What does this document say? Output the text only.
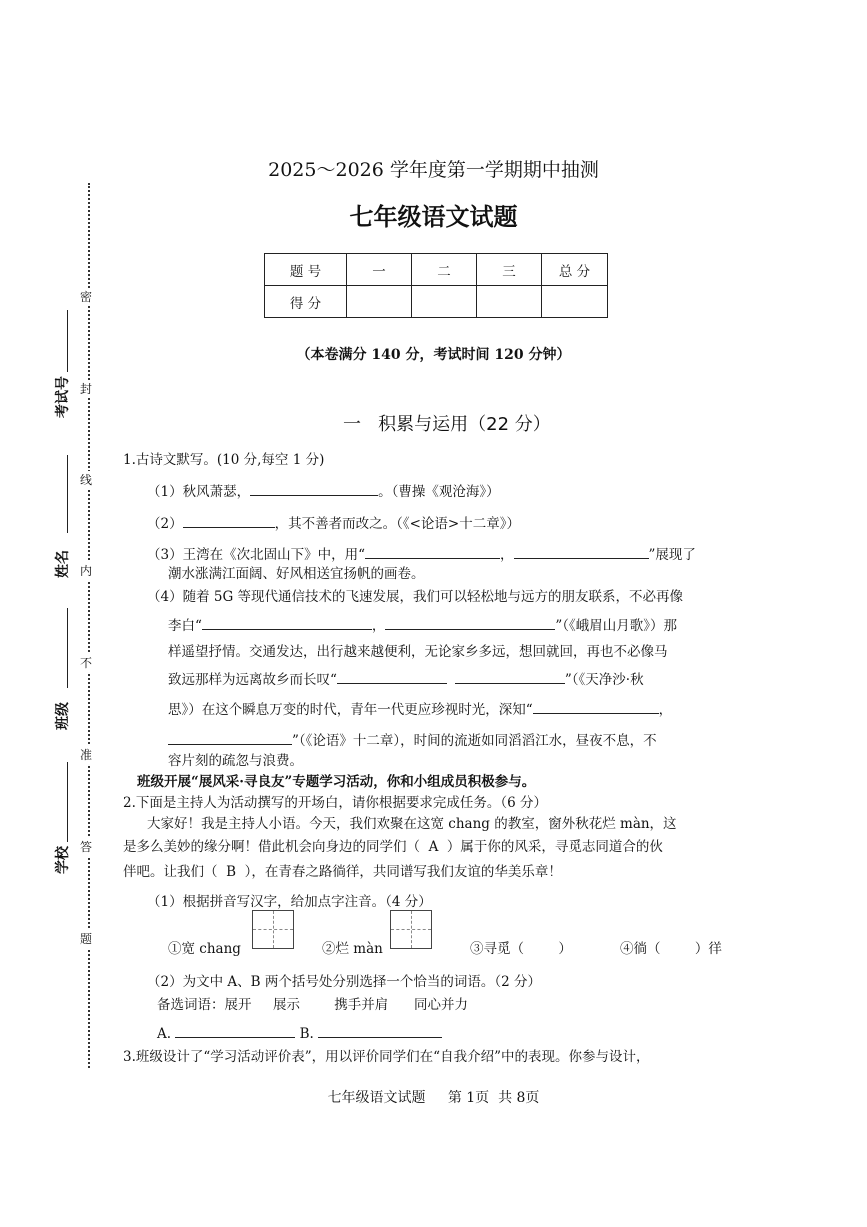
密
封
线
内
不
准
答
题
考试号
姓名
班级
学校
2025～2026 学年度第一学期期中抽测
七年级语文试题
题 号	一	二	三	总 分
得 分				
（本卷满分 140 分，考试时间 120 分钟）
一   积累与运用（22 分）
1.古诗文默写。(10 分,每空 1 分)
（1）秋风萧瑟，	。（曹操《观沧海》）
（2）	，其不善者而改之。（《<论语>十二章》）
（3）王湾在《次北固山下》中，用“	，	”展现了
潮水涨满江面阔、好风相送宜扬帆的画卷。
（4）随着 5G 等现代通信技术的飞速发展，我们可以轻松地与远方的朋友联系，不必再像
李白“	，	”（《峨眉山月歌》）那
样遥望抒情。交通发达，出行越来越便利，无论家乡多远，想回就回，再也不必像马
致远那样为远离故乡而长叹“	”（《天净沙·秋
思》）在这个瞬息万变的时代，青年一代更应珍视时光，深知“	，
”（《论语》十二章），时间的流逝如同滔滔江水，昼夜不息，不
容片刻的疏忽与浪费。
班级开展“展风采·寻良友”专题学习活动，你和小组成员积极参与。
2.下面是主持人为活动撰写的开场白，请你根据要求完成任务。（6 分）
大家好！我是主持人小语。今天，我们欢聚在这宽 chang 的教室，窗外秋花烂 màn，这
是多么美妙的缘分啊！借此机会向身边的同学们（  A  ）属于你的风采，寻觅志同道合的伙
伴吧。让我们（  B  ），在青春之路徜徉，共同谱写我们友谊的华美乐章！
（1）根据拼音写汉字，给加点字注音。（4 分）
①宽 chang	②烂 màn	③寻觅（        ）	④徜（        ）徉
（2）为文中 A、B 两个括号处分别选择一个恰当的词语。（2 分）
备选词语：展开     展示        携手并肩      同心并力
A.	B.
3.班级设计了“学习活动评价表”，用以评价同学们在“自我介绍”中的表现。你参与设计，
七年级语文试题     第 1页  共 8页
